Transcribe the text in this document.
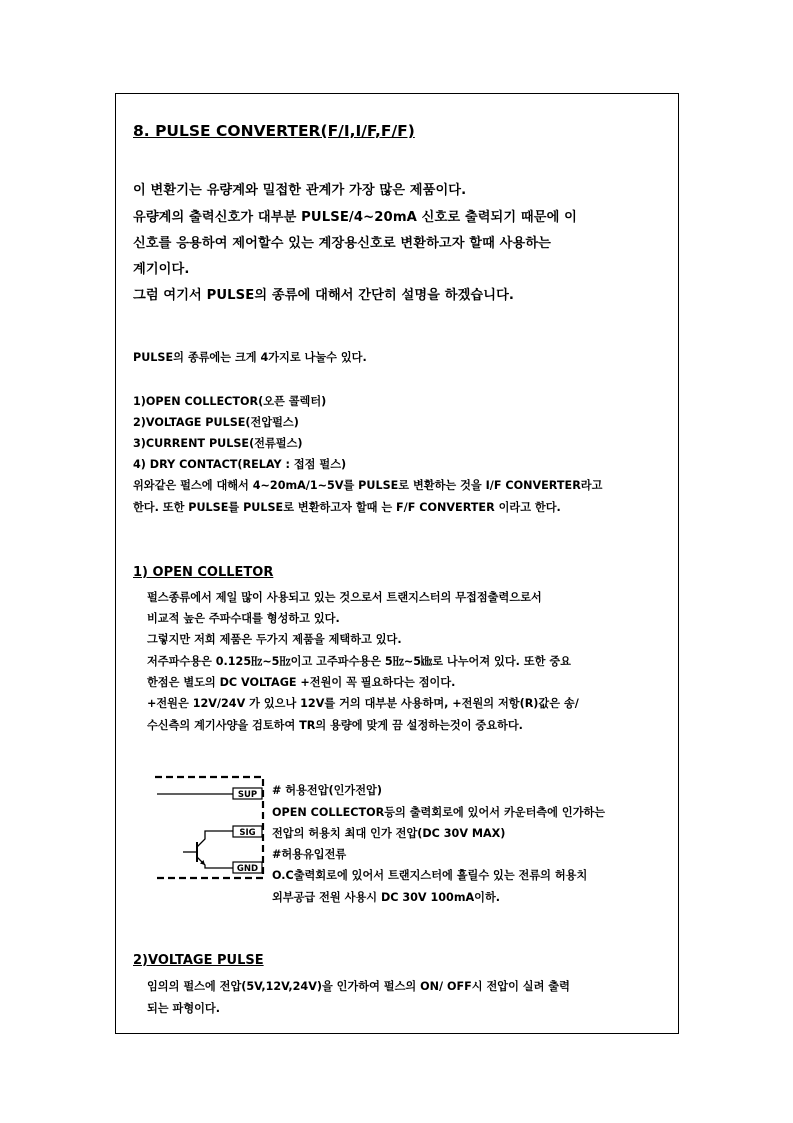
8. PULSE CONVERTER(F/I,I/F,F/F)
이 변환기는 유량계와 밀접한 관계가 가장 많은 제품이다.
유량계의 출력신호가 대부분 PULSE/4~20mA 신호로 출력되기 때문에 이
신호를 응용하여 제어할수 있는 계장용신호로 변환하고자 할때 사용하는
계기이다.
그럼 여기서 PULSE의 종류에 대해서 간단히 설명을 하겠습니다.
PULSE의 종류에는 크게 4가지로 나눌수 있다.
1)OPEN COLLECTOR(오픈 콜렉터)
2)VOLTAGE PULSE(전압펄스)
3)CURRENT PULSE(전류펄스)
4) DRY CONTACT(RELAY : 접점 펄스)
위와같은 펄스에 대해서 4~20mA/1~5V를 PULSE로 변환하는 것을 I/F CONVERTER라고
한다. 또한 PULSE를 PULSE로 변환하고자 할때 는 F/F CONVERTER 이라고 한다.
1) OPEN COLLETOR
펄스종류에서 제일 많이 사용되고 있는 것으로서 트랜지스터의 무접점출력으로서
비교적 높은 주파수대를 형성하고 있다.
그렇지만 저희 제품은 두가지 제품을 제택하고 있다.
저주파수용은 0.125㎐~5㎐이고 고주파수용은 5㎐~5㎑로 나누어져 있다. 또한 중요
한점은 별도의 DC VOLTAGE +전원이 꼭 필요하다는 점이다.
+전원은 12V/24V 가 있으나 12V를 거의 대부분 사용하며, +전원의 저항(R)값은 송/
수신측의 계기사양을 검토하여 TR의 용량에 맞게 끔 설정하는것이 중요하다.
SUP
SIG
GND
# 허용전압(인가전압)
OPEN COLLECTOR등의 출력회로에 있어서 카운터측에 인가하는
전압의 허용치 최대 인가 전압(DC 30V MAX)
#허용유입전류
O.C출력회로에 있어서 트랜지스터에 흘릴수 있는 전류의 허용치
외부공급 전원 사용시 DC 30V 100mA이하.
2)VOLTAGE PULSE
임의의 펄스에 전압(5V,12V,24V)을 인가하여 펄스의 ON/ OFF시 전압이 실려 출력
되는 파형이다.
